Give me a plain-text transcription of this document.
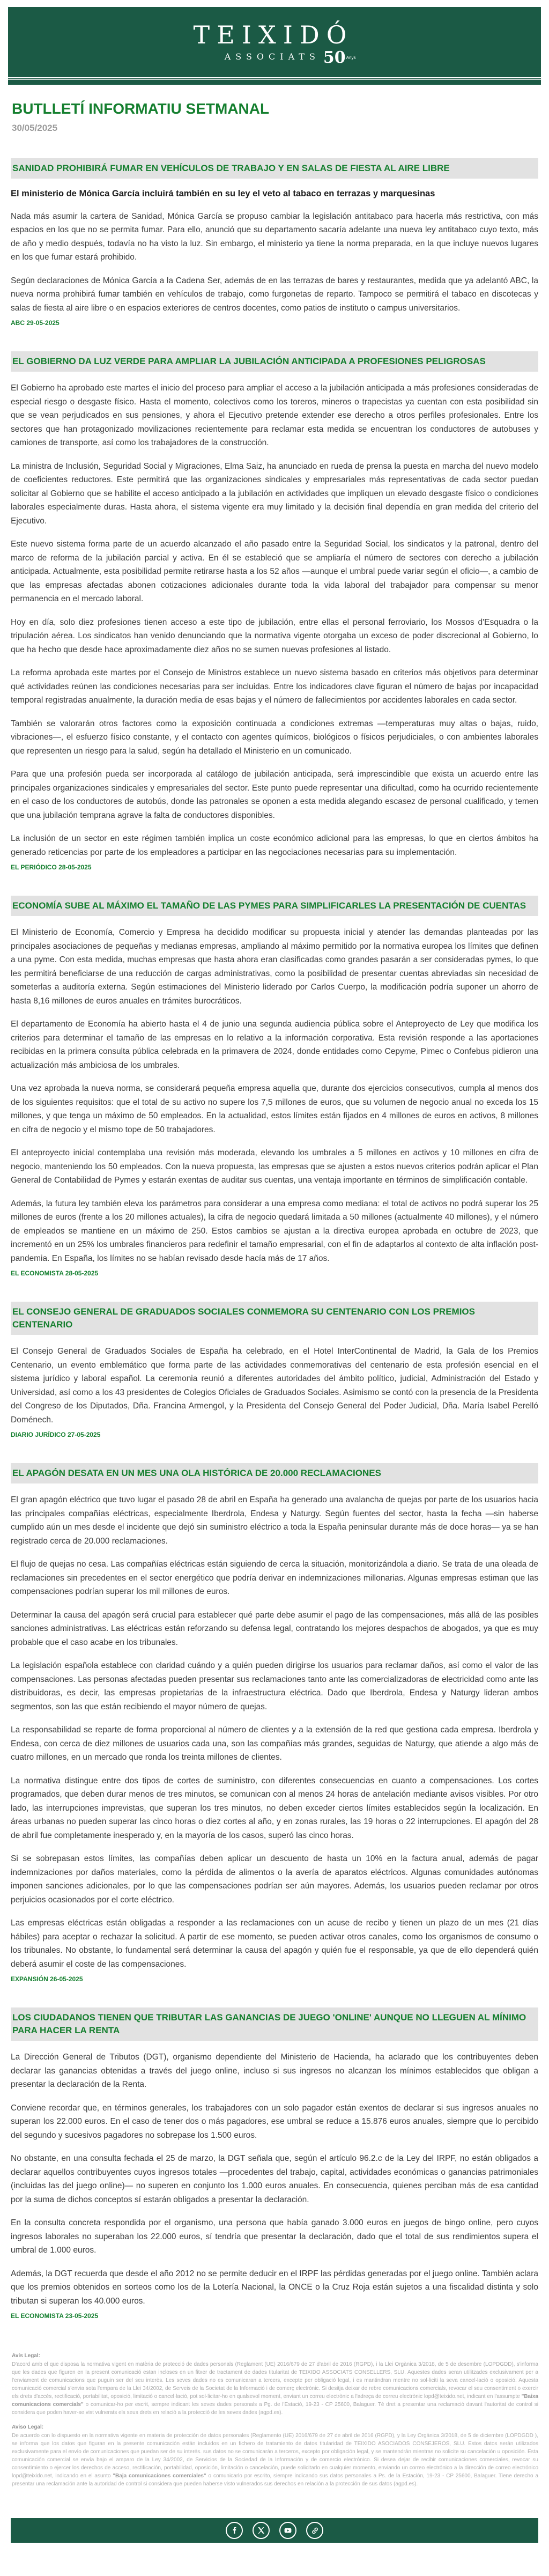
TEIXIDÓ
ASSOCIATS 50 Anys
BUTLLETÍ INFORMATIU SETMANAL
30/05/2025
SANIDAD PROHIBIRÁ FUMAR EN VEHÍCULOS DE TRABAJO Y EN SALAS DE FIESTA AL AIRE LIBRE

El ministerio de Mónica García incluirá también en su ley el veto al tabaco en terrazas y marquesinas

Nada más asumir la cartera de Sanidad, Mónica García se propuso cambiar la legislación antitabaco para hacerla más restrictiva, con más espacios en los que no se permita fumar. Para ello, anunció que su departamento sacaría adelante una nueva ley antitabaco cuyo texto, más de año y medio después, todavía no ha visto la luz. Sin embargo, el ministerio ya tiene la norma preparada, en la que incluye nuevos lugares en los que fumar estará prohibido.

Según declaraciones de Mónica García a la Cadena Ser, además de en las terrazas de bares y restaurantes, medida que ya adelantó ABC, la nueva norma prohibirá fumar también en vehículos de trabajo, como furgonetas de reparto. Tampoco se permitirá el tabaco en discotecas y salas de fiesta al aire libre o en espacios exteriores de centros docentes, como patios de instituto o campus universitarios.

ABC 29-05-2025
EL GOBIERNO DA LUZ VERDE PARA AMPLIAR LA JUBILACIÓN ANTICIPADA A PROFESIONES PELIGROSAS

El Gobierno ha aprobado este martes el inicio del proceso para ampliar el acceso a la jubilación anticipada a más profesiones consideradas de especial riesgo o desgaste físico. Hasta el momento, colectivos como los toreros, mineros o trapecistas ya cuentan con esta posibilidad sin que se vean perjudicados en sus pensiones, y ahora el Ejecutivo pretende extender ese derecho a otros perfiles profesionales. Entre los sectores que han protagonizado movilizaciones recientemente para reclamar esta medida se encuentran los conductores de autobuses y camiones de transporte, así como los trabajadores de la construcción.

La ministra de Inclusión, Seguridad Social y Migraciones, Elma Saiz, ha anunciado en rueda de prensa la puesta en marcha del nuevo modelo de coeficientes reductores. Este permitirá que las organizaciones sindicales y empresariales más representativas de cada sector puedan solicitar al Gobierno que se habilite el acceso anticipado a la jubilación en actividades que impliquen un elevado desgaste físico o condiciones laborales especialmente duras. Hasta ahora, el sistema vigente era muy limitado y la decisión final dependía en gran medida del criterio del Ejecutivo.

Este nuevo sistema forma parte de un acuerdo alcanzado el año pasado entre la Seguridad Social, los sindicatos y la patronal, dentro del marco de reforma de la jubilación parcial y activa. En él se estableció que se ampliaría el número de sectores con derecho a jubilación anticipada. Actualmente, esta posibilidad permite retirarse hasta a los 52 años —aunque el umbral puede variar según el oficio—, a cambio de que las empresas afectadas abonen cotizaciones adicionales durante toda la vida laboral del trabajador para compensar su menor permanencia en el mercado laboral.

Hoy en día, solo diez profesiones tienen acceso a este tipo de jubilación, entre ellas el personal ferroviario, los Mossos d'Esquadra o la tripulación aérea. Los sindicatos han venido denunciando que la normativa vigente otorgaba un exceso de poder discrecional al Gobierno, lo que ha hecho que desde hace aproximadamente diez años no se sumen nuevas profesiones al listado.

La reforma aprobada este martes por el Consejo de Ministros establece un nuevo sistema basado en criterios más objetivos para determinar qué actividades reúnen las condiciones necesarias para ser incluidas. Entre los indicadores clave figuran el número de bajas por incapacidad temporal registradas anualmente, la duración media de esas bajas y el número de fallecimientos por accidentes laborales en cada sector.

También se valorarán otros factores como la exposición continuada a condiciones extremas —temperaturas muy altas o bajas, ruido, vibraciones—, el esfuerzo físico constante, y el contacto con agentes químicos, biológicos o físicos perjudiciales, o con ambientes laborales que representen un riesgo para la salud, según ha detallado el Ministerio en un comunicado.

Para que una profesión pueda ser incorporada al catálogo de jubilación anticipada, será imprescindible que exista un acuerdo entre las principales organizaciones sindicales y empresariales del sector. Este punto puede representar una dificultad, como ha ocurrido recientemente en el caso de los conductores de autobús, donde las patronales se oponen a esta medida alegando escasez de personal cualificado, y temen que una jubilación temprana agrave la falta de conductores disponibles.

La inclusión de un sector en este régimen también implica un coste económico adicional para las empresas, lo que en ciertos ámbitos ha generado reticencias por parte de los empleadores a participar en las negociaciones necesarias para su implementación.

EL PERIÓDICO 28-05-2025
ECONOMÍA SUBE AL MÁXIMO EL TAMAÑO DE LAS PYMES PARA SIMPLIFICARLES LA PRESENTACIÓN DE CUENTAS

El Ministerio de Economía, Comercio y Empresa ha decidido modificar su propuesta inicial y atender las demandas planteadas por las principales asociaciones de pequeñas y medianas empresas, ampliando al máximo permitido por la normativa europea los límites que definen a una pyme. Con esta medida, muchas empresas que hasta ahora eran clasificadas como grandes pasarán a ser consideradas pymes, lo que les permitirá beneficiarse de una reducción de cargas administrativas, como la posibilidad de presentar cuentas abreviadas sin necesidad de someterlas a auditoría externa. Según estimaciones del Ministerio liderado por Carlos Cuerpo, la modificación podría suponer un ahorro de hasta 8,16 millones de euros anuales en trámites burocráticos.

El departamento de Economía ha abierto hasta el 4 de junio una segunda audiencia pública sobre el Anteproyecto de Ley que modifica los criterios para determinar el tamaño de las empresas en lo relativo a la información corporativa. Esta revisión responde a las aportaciones recibidas en la primera consulta pública celebrada en la primavera de 2024, donde entidades como Cepyme, Pimec o Confebus pidieron una actualización más ambiciosa de los umbrales.

Una vez aprobada la nueva norma, se considerará pequeña empresa aquella que, durante dos ejercicios consecutivos, cumpla al menos dos de los siguientes requisitos: que el total de su activo no supere los 7,5 millones de euros, que su volumen de negocio anual no exceda los 15 millones, y que tenga un máximo de 50 empleados. En la actualidad, estos límites están fijados en 4 millones de euros en activos, 8 millones en cifra de negocio y el mismo tope de 50 trabajadores.

El anteproyecto inicial contemplaba una revisión más moderada, elevando los umbrales a 5 millones en activos y 10 millones en cifra de negocio, manteniendo los 50 empleados. Con la nueva propuesta, las empresas que se ajusten a estos nuevos criterios podrán aplicar el Plan General de Contabilidad de Pymes y estarán exentas de auditar sus cuentas, una ventaja importante en términos de simplificación contable.

Además, la futura ley también eleva los parámetros para considerar a una empresa como mediana: el total de activos no podrá superar los 25 millones de euros (frente a los 20 millones actuales), la cifra de negocio quedará limitada a 50 millones (actualmente 40 millones), y el número de empleados se mantiene en un máximo de 250. Estos cambios se ajustan a la directiva europea aprobada en octubre de 2023, que incrementó en un 25% los umbrales financieros para redefinir el tamaño empresarial, con el fin de adaptarlos al contexto de alta inflación post-pandemia. En España, los límites no se habían revisado desde hacía más de 17 años.

EL ECONOMISTA 28-05-2025
EL CONSEJO GENERAL DE GRADUADOS SOCIALES CONMEMORA SU CENTENARIO CON LOS PREMIOS CENTENARIO

El Consejo General de Graduados Sociales de España ha celebrado, en el Hotel InterContinental de Madrid, la Gala de los Premios Centenario, un evento emblemático que forma parte de las actividades conmemorativas del centenario de esta profesión esencial en el sistema jurídico y laboral español. La ceremonia reunió a diferentes autoridades del ámbito político, judicial, Administración del Estado y Universidad, así como a los 43 presidentes de Colegios Oficiales de Graduados Sociales. Asimismo se contó con la presencia de la Presidenta del Congreso de los Diputados, Dña. Francina Armengol, y la Presidenta del Consejo General del Poder Judicial, Dña. María Isabel Perelló Doménech.

DIARIO JURÍDICO 27-05-2025
EL APAGÓN DESATA EN UN MES UNA OLA HISTÓRICA DE 20.000 RECLAMACIONES

El gran apagón eléctrico que tuvo lugar el pasado 28 de abril en España ha generado una avalancha de quejas por parte de los usuarios hacia las principales compañías eléctricas, especialmente Iberdrola, Endesa y Naturgy. Según fuentes del sector, hasta la fecha —sin haberse cumplido aún un mes desde el incidente que dejó sin suministro eléctrico a toda la España peninsular durante más de doce horas— ya se han registrado cerca de 20.000 reclamaciones.

El flujo de quejas no cesa. Las compañías eléctricas están siguiendo de cerca la situación, monitorizándola a diario. Se trata de una oleada de reclamaciones sin precedentes en el sector energético que podría derivar en indemnizaciones millonarias. Algunas empresas estiman que las compensaciones podrían superar los mil millones de euros.

Determinar la causa del apagón será crucial para establecer qué parte debe asumir el pago de las compensaciones, más allá de las posibles sanciones administrativas. Las eléctricas están reforzando su defensa legal, contratando los mejores despachos de abogados, ya que es muy probable que el caso acabe en los tribunales.

La legislación española establece con claridad cuándo y a quién pueden dirigirse los usuarios para reclamar daños, así como el valor de las compensaciones. Las personas afectadas pueden presentar sus reclamaciones tanto ante las comercializadoras de electricidad como ante las distribuidoras, es decir, las empresas propietarias de la infraestructura eléctrica. Dado que Iberdrola, Endesa y Naturgy lideran ambos segmentos, son las que están recibiendo el mayor número de quejas.

La responsabilidad se reparte de forma proporcional al número de clientes y a la extensión de la red que gestiona cada empresa. Iberdrola y Endesa, con cerca de diez millones de usuarios cada una, son las compañías más grandes, seguidas de Naturgy, que atiende a algo más de cuatro millones, en un mercado que ronda los treinta millones de clientes.

La normativa distingue entre dos tipos de cortes de suministro, con diferentes consecuencias en cuanto a compensaciones. Los cortes programados, que deben durar menos de tres minutos, se comunican con al menos 24 horas de antelación mediante avisos visibles. Por otro lado, las interrupciones imprevistas, que superan los tres minutos, no deben exceder ciertos límites establecidos según la localización. En áreas urbanas no pueden superar las cinco horas o diez cortes al año, y en zonas rurales, las 19 horas o 22 interrupciones. El apagón del 28 de abril fue completamente inesperado y, en la mayoría de los casos, superó las cinco horas.

Si se sobrepasan estos límites, las compañías deben aplicar un descuento de hasta un 10% en la factura anual, además de pagar indemnizaciones por daños materiales, como la pérdida de alimentos o la avería de aparatos eléctricos. Algunas comunidades autónomas imponen sanciones adicionales, por lo que las compensaciones podrían ser aún mayores. Además, los usuarios pueden reclamar por otros perjuicios ocasionados por el corte eléctrico.

Las empresas eléctricas están obligadas a responder a las reclamaciones con un acuse de recibo y tienen un plazo de un mes (21 días hábiles) para aceptar o rechazar la solicitud. A partir de ese momento, se pueden activar otros canales, como los organismos de consumo o los tribunales. No obstante, lo fundamental será determinar la causa del apagón y quién fue el responsable, ya que de ello dependerá quién deberá asumir el coste de las compensaciones.

EXPANSIÓN 26-05-2025
LOS CIUDADANOS TIENEN QUE TRIBUTAR LAS GANANCIAS DE JUEGO 'ONLINE' AUNQUE NO LLEGUEN AL MÍNIMO PARA HACER LA RENTA

La Dirección General de Tributos (DGT), organismo dependiente del Ministerio de Hacienda, ha aclarado que los contribuyentes deben declarar las ganancias obtenidas a través del juego online, incluso si sus ingresos no alcanzan los mínimos establecidos que obligan a presentar la declaración de la Renta.

Conviene recordar que, en términos generales, los trabajadores con un solo pagador están exentos de declarar si sus ingresos anuales no superan los 22.000 euros. En el caso de tener dos o más pagadores, ese umbral se reduce a 15.876 euros anuales, siempre que lo percibido del segundo y sucesivos pagadores no sobrepase los 1.500 euros.

No obstante, en una consulta fechada el 25 de marzo, la DGT señala que, según el artículo 96.2.c de la Ley del IRPF, no están obligados a declarar aquellos contribuyentes cuyos ingresos totales —procedentes del trabajo, capital, actividades económicas o ganancias patrimoniales (incluidas las del juego online)— no superen en conjunto los 1.000 euros anuales. En consecuencia, quienes perciban más de esa cantidad por la suma de dichos conceptos sí estarán obligados a presentar la declaración.

En la consulta concreta respondida por el organismo, una persona que había ganado 3.000 euros en juegos de bingo online, pero cuyos ingresos laborales no superaban los 22.000 euros, sí tendría que presentar la declaración, dado que el total de sus rendimientos supera el umbral de 1.000 euros.

Además, la DGT recuerda que desde el año 2012 no se permite deducir en el IRPF las pérdidas generadas por el juego online. También aclara que los premios obtenidos en sorteos como los de la Lotería Nacional, la ONCE o la Cruz Roja están sujetos a una fiscalidad distinta y solo tributan si superan los 40.000 euros.

EL ECONOMISTA 23-05-2025

Avís Legal:

D'acord amb el que disposa la normativa vigent en matèria de protecció de dades personals (Reglament (UE) 2016/679 de 27 d'abril de 2016 (RGPD), i la Llei Orgànica 3/2018, de 5 de desembre (LOPDGDD), s'informa que les dades que figuren en la present comunicació estan incloses en un fitxer de tractament de dades titularitat de TEIXIDO ASSOCIATS CONSELLERS, SLU. Aquestes dades seran utilitzades exclusivament per a l'enviament de comunicacions que puguin ser del seu interès. Les seves dades no es comunicaran a tercers, excepte per obligació legal, i es mantindran mentre no sol·liciti la seva cancel·lació o oposició. Aquesta comunicació comercial s'envia sota l'empara de la Llei 34/2002, de Serveis de la Societat de la Informació i de comerç electrònic. Si desitja deixar de rebre comunicacions comercials, revocar el seu consentiment o exercir els drets d'accés, rectificació, portabilitat, oposició, limitació o cancel·lació, pot sol·licitar-ho en qualsevol moment, enviant un correu electrònic a l'adreça de correu electrònic lopd@teixido.net, indicant en l'assumpte "Baixa comunicacions comercials" o comunicar-ho per escrit, sempre indicant les seves dades personals a Pg. de l'Estació, 19-23 - CP 25600, Balaguer. Té dret a presentar una reclamació davant l'autoritat de control si considera que poden haver-se vist vulnerats els seus drets en relació a la protecció de les seves dades (agpd.es).

Aviso Legal:

De acuerdo con lo dispuesto en la normativa vigente en materia de protección de datos personales (Reglamento (UE) 2016/679 de 27 de abril de 2016 (RGPD), y la Ley Orgánica 3/2018, de 5 de diciembre (LOPDGDD ), se informa que los datos que figuran en la presente comunicación están incluidos en un fichero de tratamiento de datos titularidad de TEIXIDO ASOCIADOS CONSEJEROS, SLU. Estos datos serán utilizados exclusivamente para el envío de comunicaciones que puedan ser de su interés. sus datos no se comunicarán a terceros, excepto por obligación legal, y se mantendrán mientras no solicite su cancelación u oposición. Esta comunicación comercial se envía bajo el amparo de la Ley 34/2002, de Servicios de la Sociedad de la Información y de comercio electrónico. Si desea dejar de recibir comunicaciones comerciales, revocar su consentimiento o ejercer los derechos de acceso, rectificación, portabilidad, oposición, limitación o cancelación, puede solicitarlo en cualquier momento, enviando un correo electrónico a la dirección de correo electrónico lopd@teixido.net, indicando en el asunto "Baja comunicaciones comerciales" o comunicarlo por escrito, siempre indicando sus datos personales a Ps. de la Estación, 19-23 - CP 25600, Balaguer. Tiene derecho a presentar una reclamación ante la autoridad de control si considera que pueden haberse visto vulnerados sus derechos en relación a la protección de sus datos (agpd.es).
